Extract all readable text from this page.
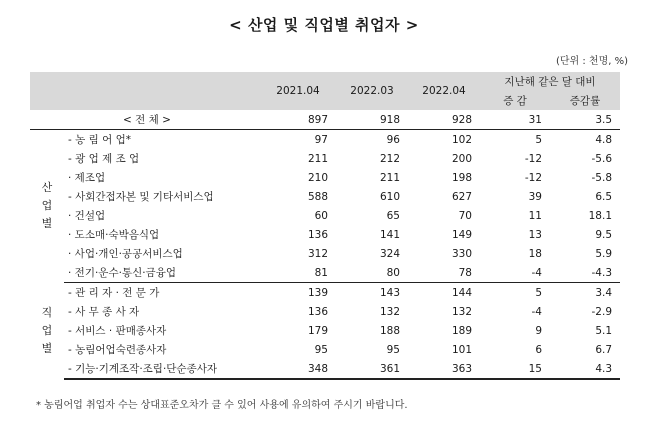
< 산업 및 직업별 취업자 >
(단위 : 천명, %)
		2021.04	2022.03	2022.04	지난해 같은 달 대비	
					증 감	증감률
< 전 체 >		897	918	928	31	3.5

산
업
별	- 농 림 어 업*	97	96	102	5	4.8
	- 광 업 제 조 업	211	212	200	-12	-5.6
	· 제조업	210	211	198	-12	-5.8
	- 사회간접자본 및 기타서비스업	588	610	627	39	6.5
	· 건설업	60	65	70	11	18.1
	· 도소매·숙박음식업	136	141	149	13	9.5
	· 사업·개인·공공서비스업	312	324	330	18	5.9
	· 전기·운수·통신·금융업	81	80	78	-4	-4.3

직
업
별	- 관 리 자 · 전 문 가	139	143	144	5	3.4
	- 사 무 종 사 자	136	132	132	-4	-2.9
	- 서비스 · 판매종사자	179	188	189	9	5.1
	- 농림어업숙련종사자	95	95	101	6	6.7
	- 기능·기계조작·조립·단순종사자	348	361	363	15	4.3
* 농림어업 취업자 수는 상대표준오차가 클 수 있어 사용에 유의하여 주시기 바랍니다.
